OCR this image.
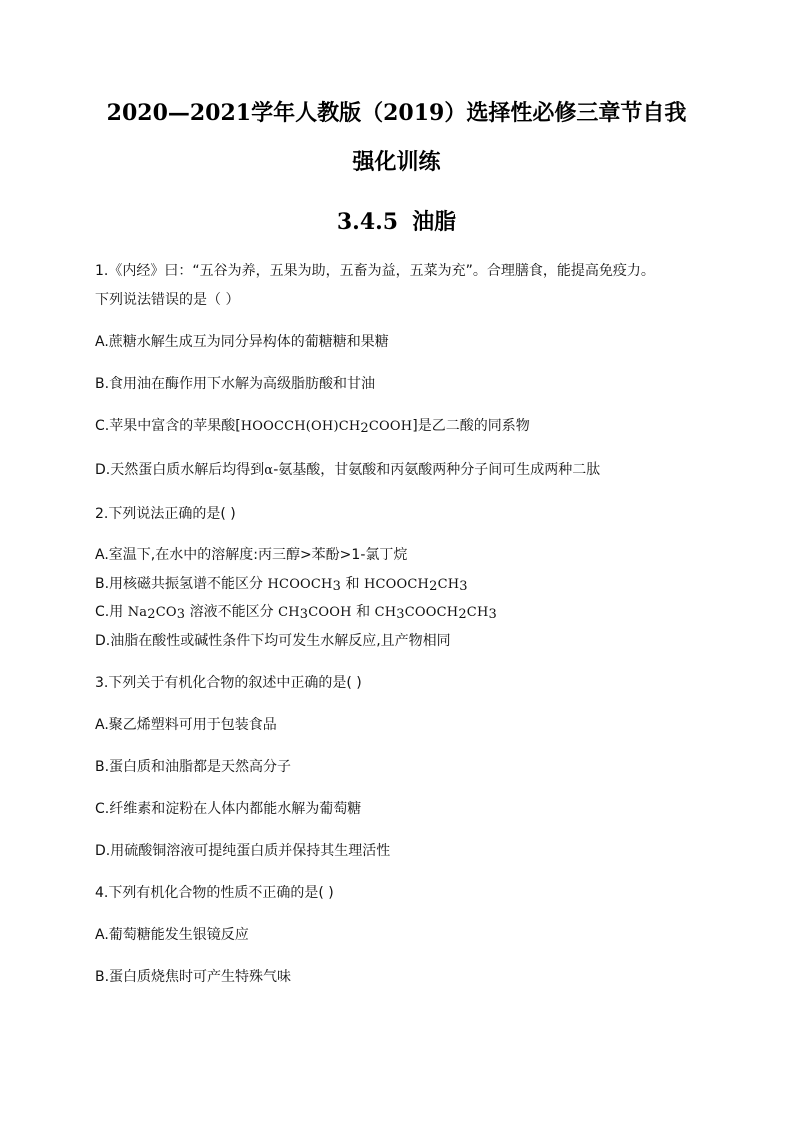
2020—2021学年人教版（2019）选择性必修三章节自我
强化训练
3.4.5 油脂
1.《内经》曰：“五谷为养，五果为助，五畜为益，五菜为充”。合理膳食，能提高免疫力。
下列说法错误的是（ ）
A.蔗糖水解生成互为同分异构体的葡糖糖和果糖
B.食用油在酶作用下水解为高级脂肪酸和甘油
C.苹果中富含的苹果酸$[HOOCCH(OH)CH_2COOH]$是乙二酸的同系物
D.天然蛋白质水解后均得到α-氨基酸，甘氨酸和丙氨酸两种分子间可生成两种二肽
2.下列说法正确的是( )
A.室温下,在水中的溶解度:丙三醇>苯酚>1-氯丁烷
B.用核磁共振氢谱不能区分 $HCOOCH_3$ 和 $HCOOCH_2CH_3$
C.用 $Na_2CO_3$ 溶液不能区分 $CH_3COOH$ 和 $CH_3COOCH_2CH_3$
D.油脂在酸性或碱性条件下均可发生水解反应,且产物相同
3.下列关于有机化合物的叙述中正确的是( )
A.聚乙烯塑料可用于包装食品
B.蛋白质和油脂都是天然高分子
C.纤维素和淀粉在人体内都能水解为葡萄糖
D.用硫酸铜溶液可提纯蛋白质并保持其生理活性
4.下列有机化合物的性质不正确的是( )
A.葡萄糖能发生银镜反应
B.蛋白质烧焦时可产生特殊气味
